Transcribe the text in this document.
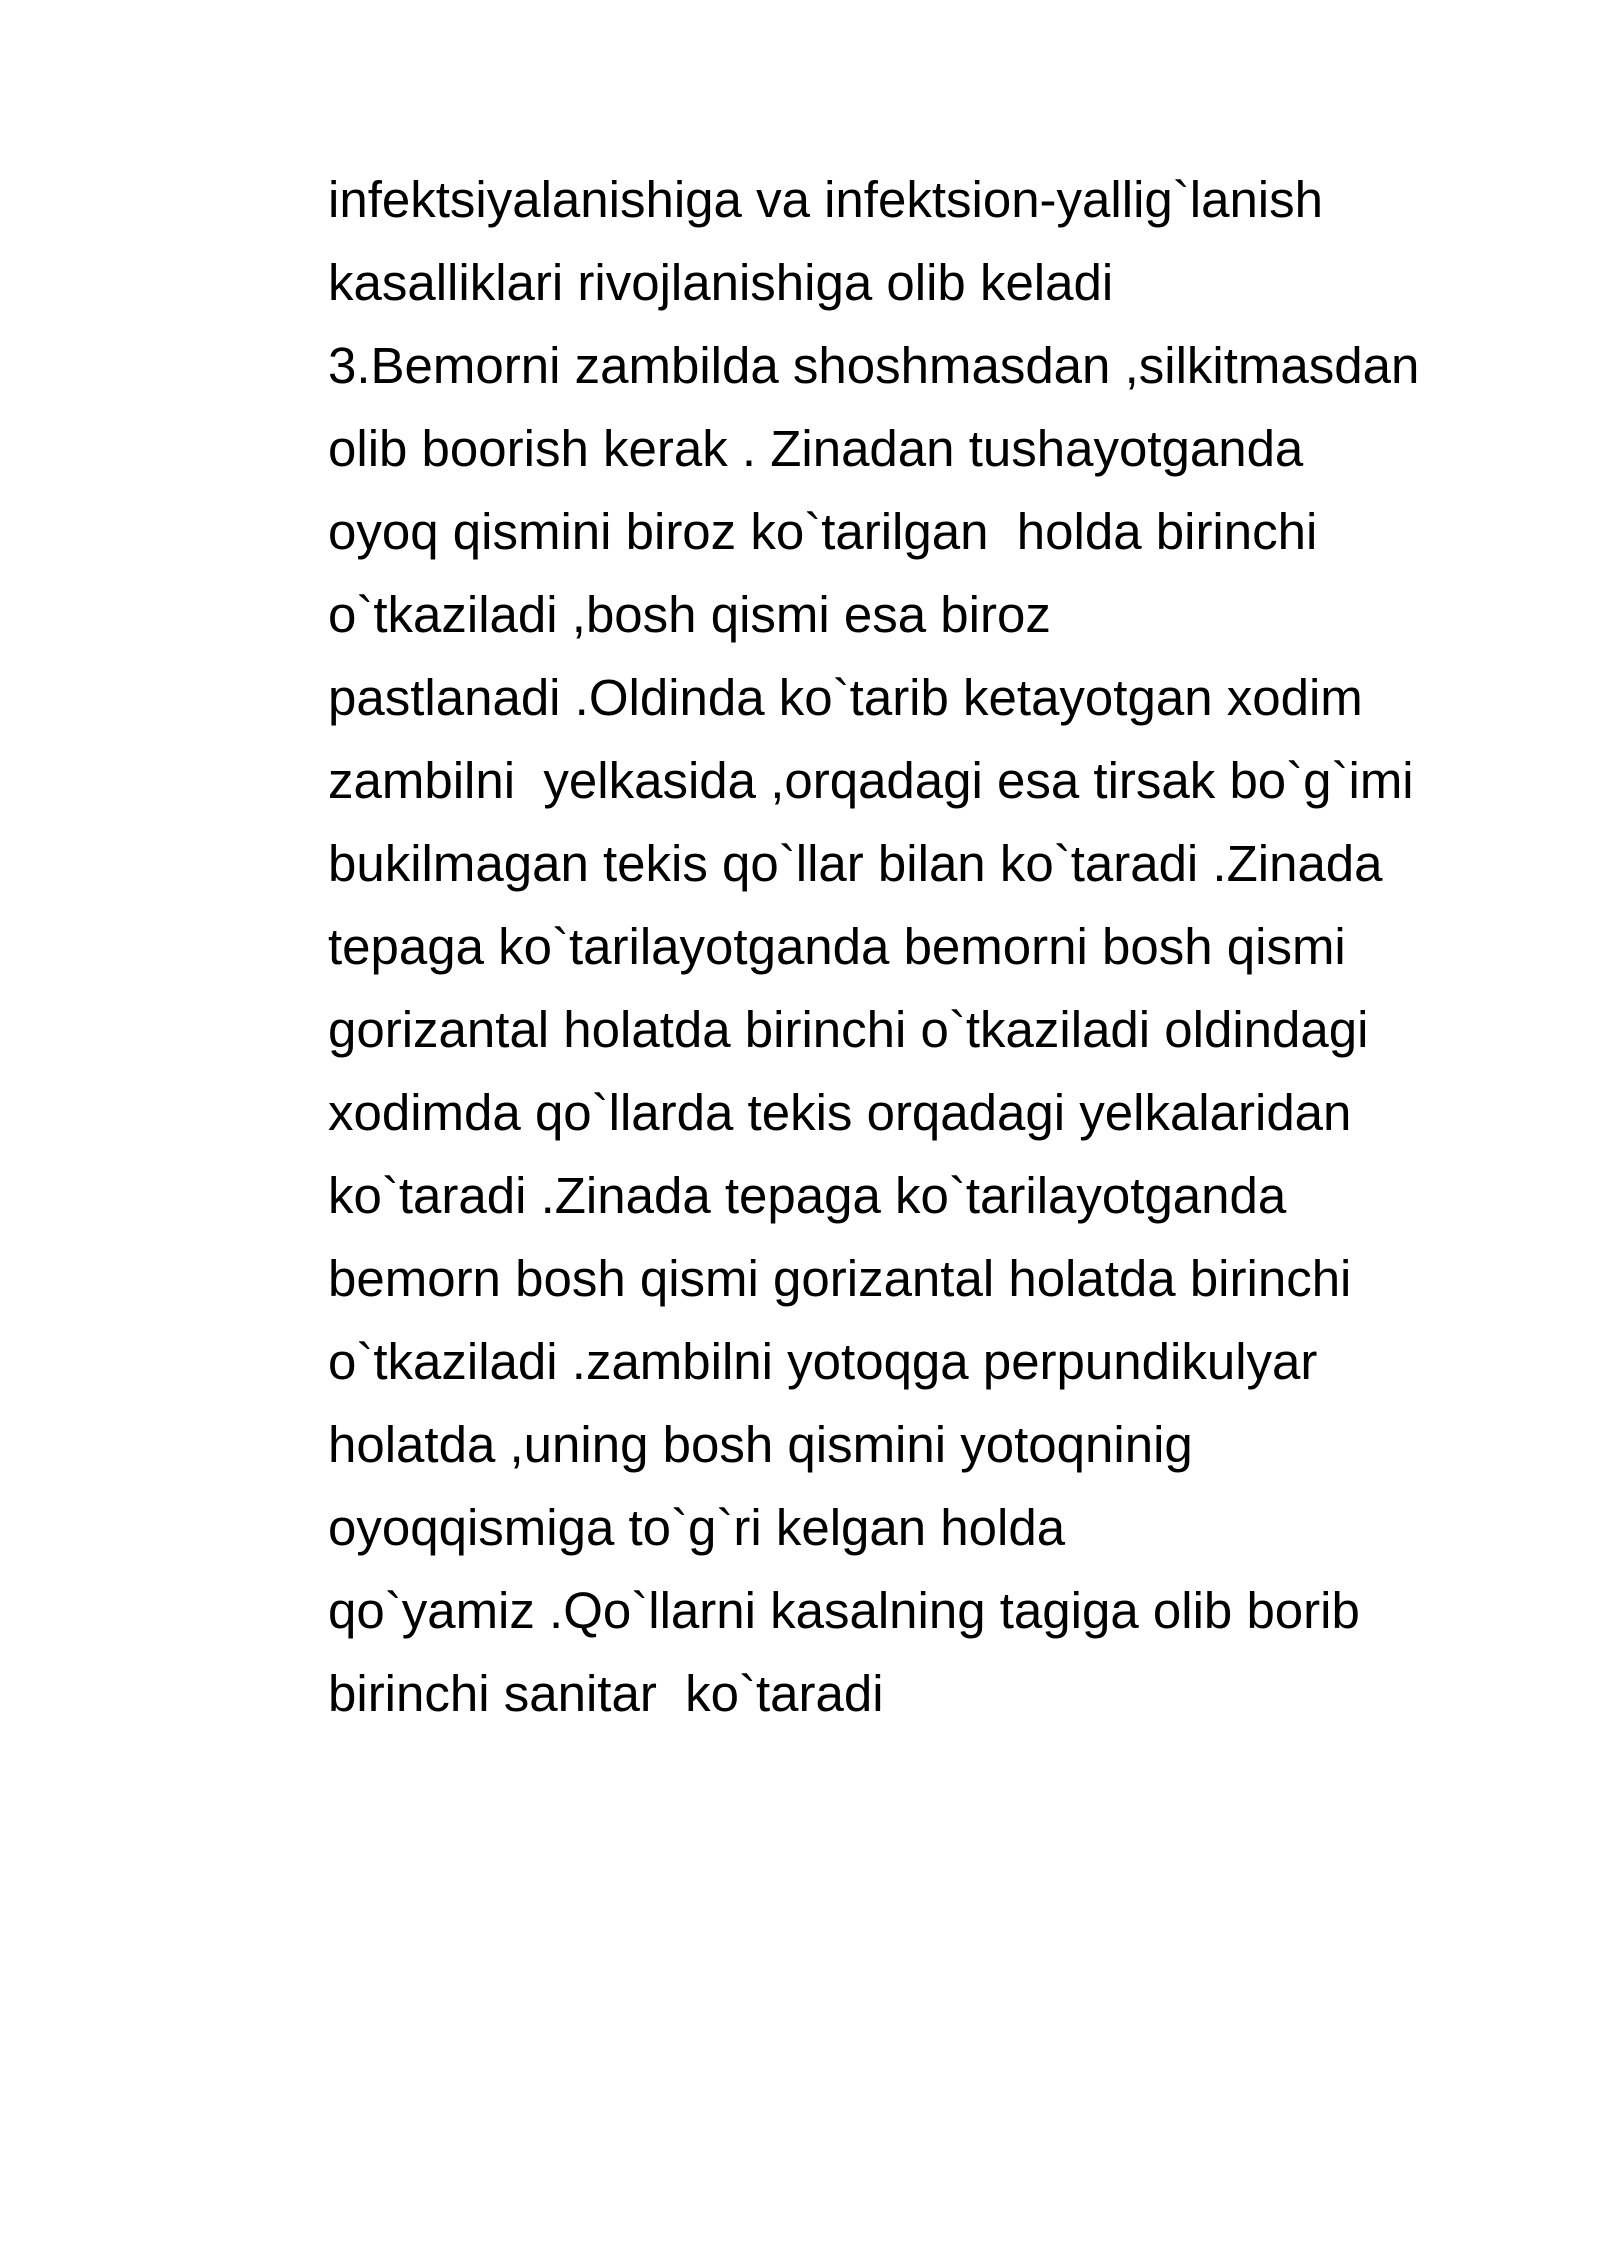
infektsiyalanishiga va infektsion-yallig`lanish
kasalliklari rivojlanishiga olib keladi
3.Bemorni zambilda shoshmasdan ,silkitmasdan
olib boorish kerak . Zinadan tushayotganda
oyoq qismini biroz ko`tarilgan  holda birinchi
o`tkaziladi ,bosh qismi esa biroz
pastlanadi .Oldinda ko`tarib ketayotgan xodim
zambilni  yelkasida ,orqadagi esa tirsak bo`g`imi
bukilmagan tekis qo`llar bilan ko`taradi .Zinada
tepaga ko`tarilayotganda bemorni bosh qismi
gorizantal holatda birinchi o`tkaziladi oldindagi
xodimda qo`llarda tekis orqadagi yelkalaridan
ko`taradi .Zinada tepaga ko`tarilayotganda
bemorn bosh qismi gorizantal holatda birinchi
o`tkaziladi .zambilni yotoqga perpundikulyar
holatda ,uning bosh qismini yotoqninig
oyoqqismiga to`g`ri kelgan holda
qo`yamiz .Qo`llarni kasalning tagiga olib borib
birinchi sanitar  ko`taradi
